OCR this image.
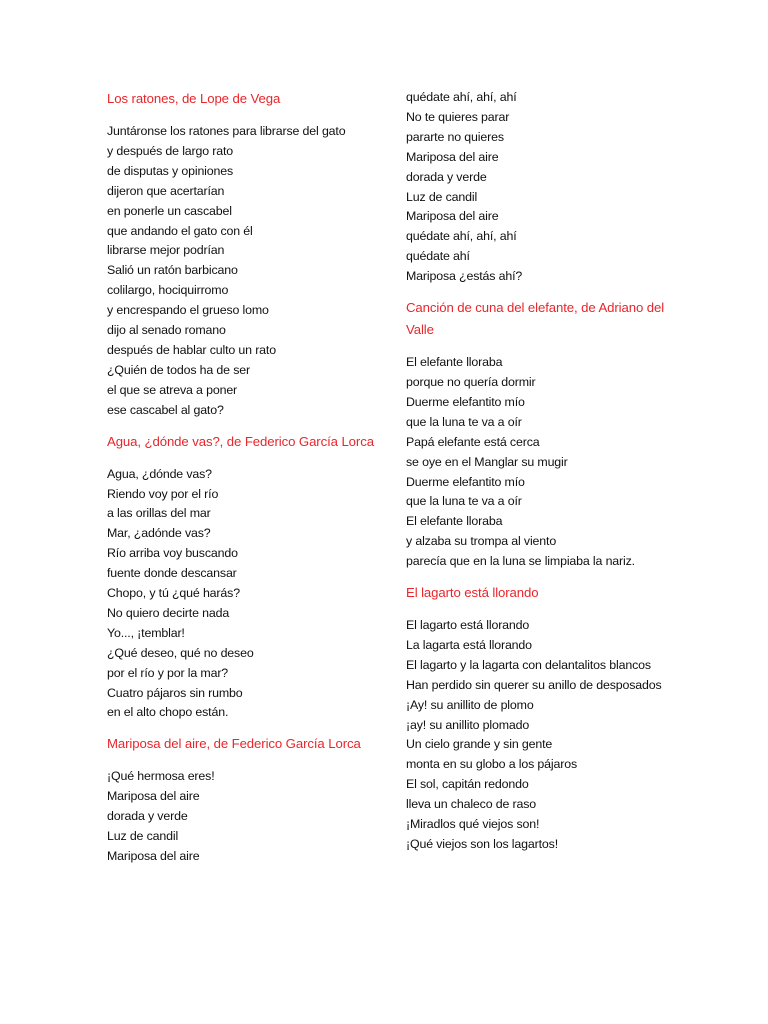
Los ratones, de Lope de Vega

Juntáronse los ratones para librarse del gato

y después de largo rato

de disputas y opiniones

dijeron que acertarían

en ponerle un cascabel

que andando el gato con él

librarse mejor podrían

Salió un ratón barbicano

colilargo, hociquirromo

y encrespando el grueso lomo

dijo al senado romano

después de hablar culto un rato

¿Quién de todos ha de ser

el que se atreva a poner

ese cascabel al gato?

Agua, ¿dónde vas?, de Federico García Lorca

Agua, ¿dónde vas?

Riendo voy por el río

a las orillas del mar

Mar, ¿adónde vas?

Río arriba voy buscando

fuente donde descansar

Chopo, y tú ¿qué harás?

No quiero decirte nada

Yo..., ¡temblar!

¿Qué deseo, qué no deseo

por el río y por la mar?

Cuatro pájaros sin rumbo

en el alto chopo están.

Mariposa del aire, de Federico García Lorca

¡Qué hermosa eres!

Mariposa del aire

dorada y verde

Luz de candil

Mariposa del aire

quédate ahí, ahí, ahí

No te quieres parar

pararte no quieres

Mariposa del aire

dorada y verde

Luz de candil

Mariposa del aire

quédate ahí, ahí, ahí

quédate ahí

Mariposa ¿estás ahí?

Canción de cuna del elefante, de Adriano del Valle

El elefante lloraba

porque no quería dormir

Duerme elefantito mío

que la luna te va a oír

Papá elefante está cerca

se oye en el Manglar su mugir

Duerme elefantito mío

que la luna te va a oír

El elefante lloraba

y alzaba su trompa al viento

parecía que en la luna se limpiaba la nariz.

El lagarto está llorando

El lagarto está llorando

La lagarta está llorando

El lagarto y la lagarta con delantalitos blancos

Han perdido sin querer su anillo de desposados

¡Ay! su anillito de plomo

¡ay! su anillito plomado

Un cielo grande y sin gente

monta en su globo a los pájaros

El sol, capitán redondo

lleva un chaleco de raso

¡Miradlos qué viejos son!

¡Qué viejos son los lagartos!
